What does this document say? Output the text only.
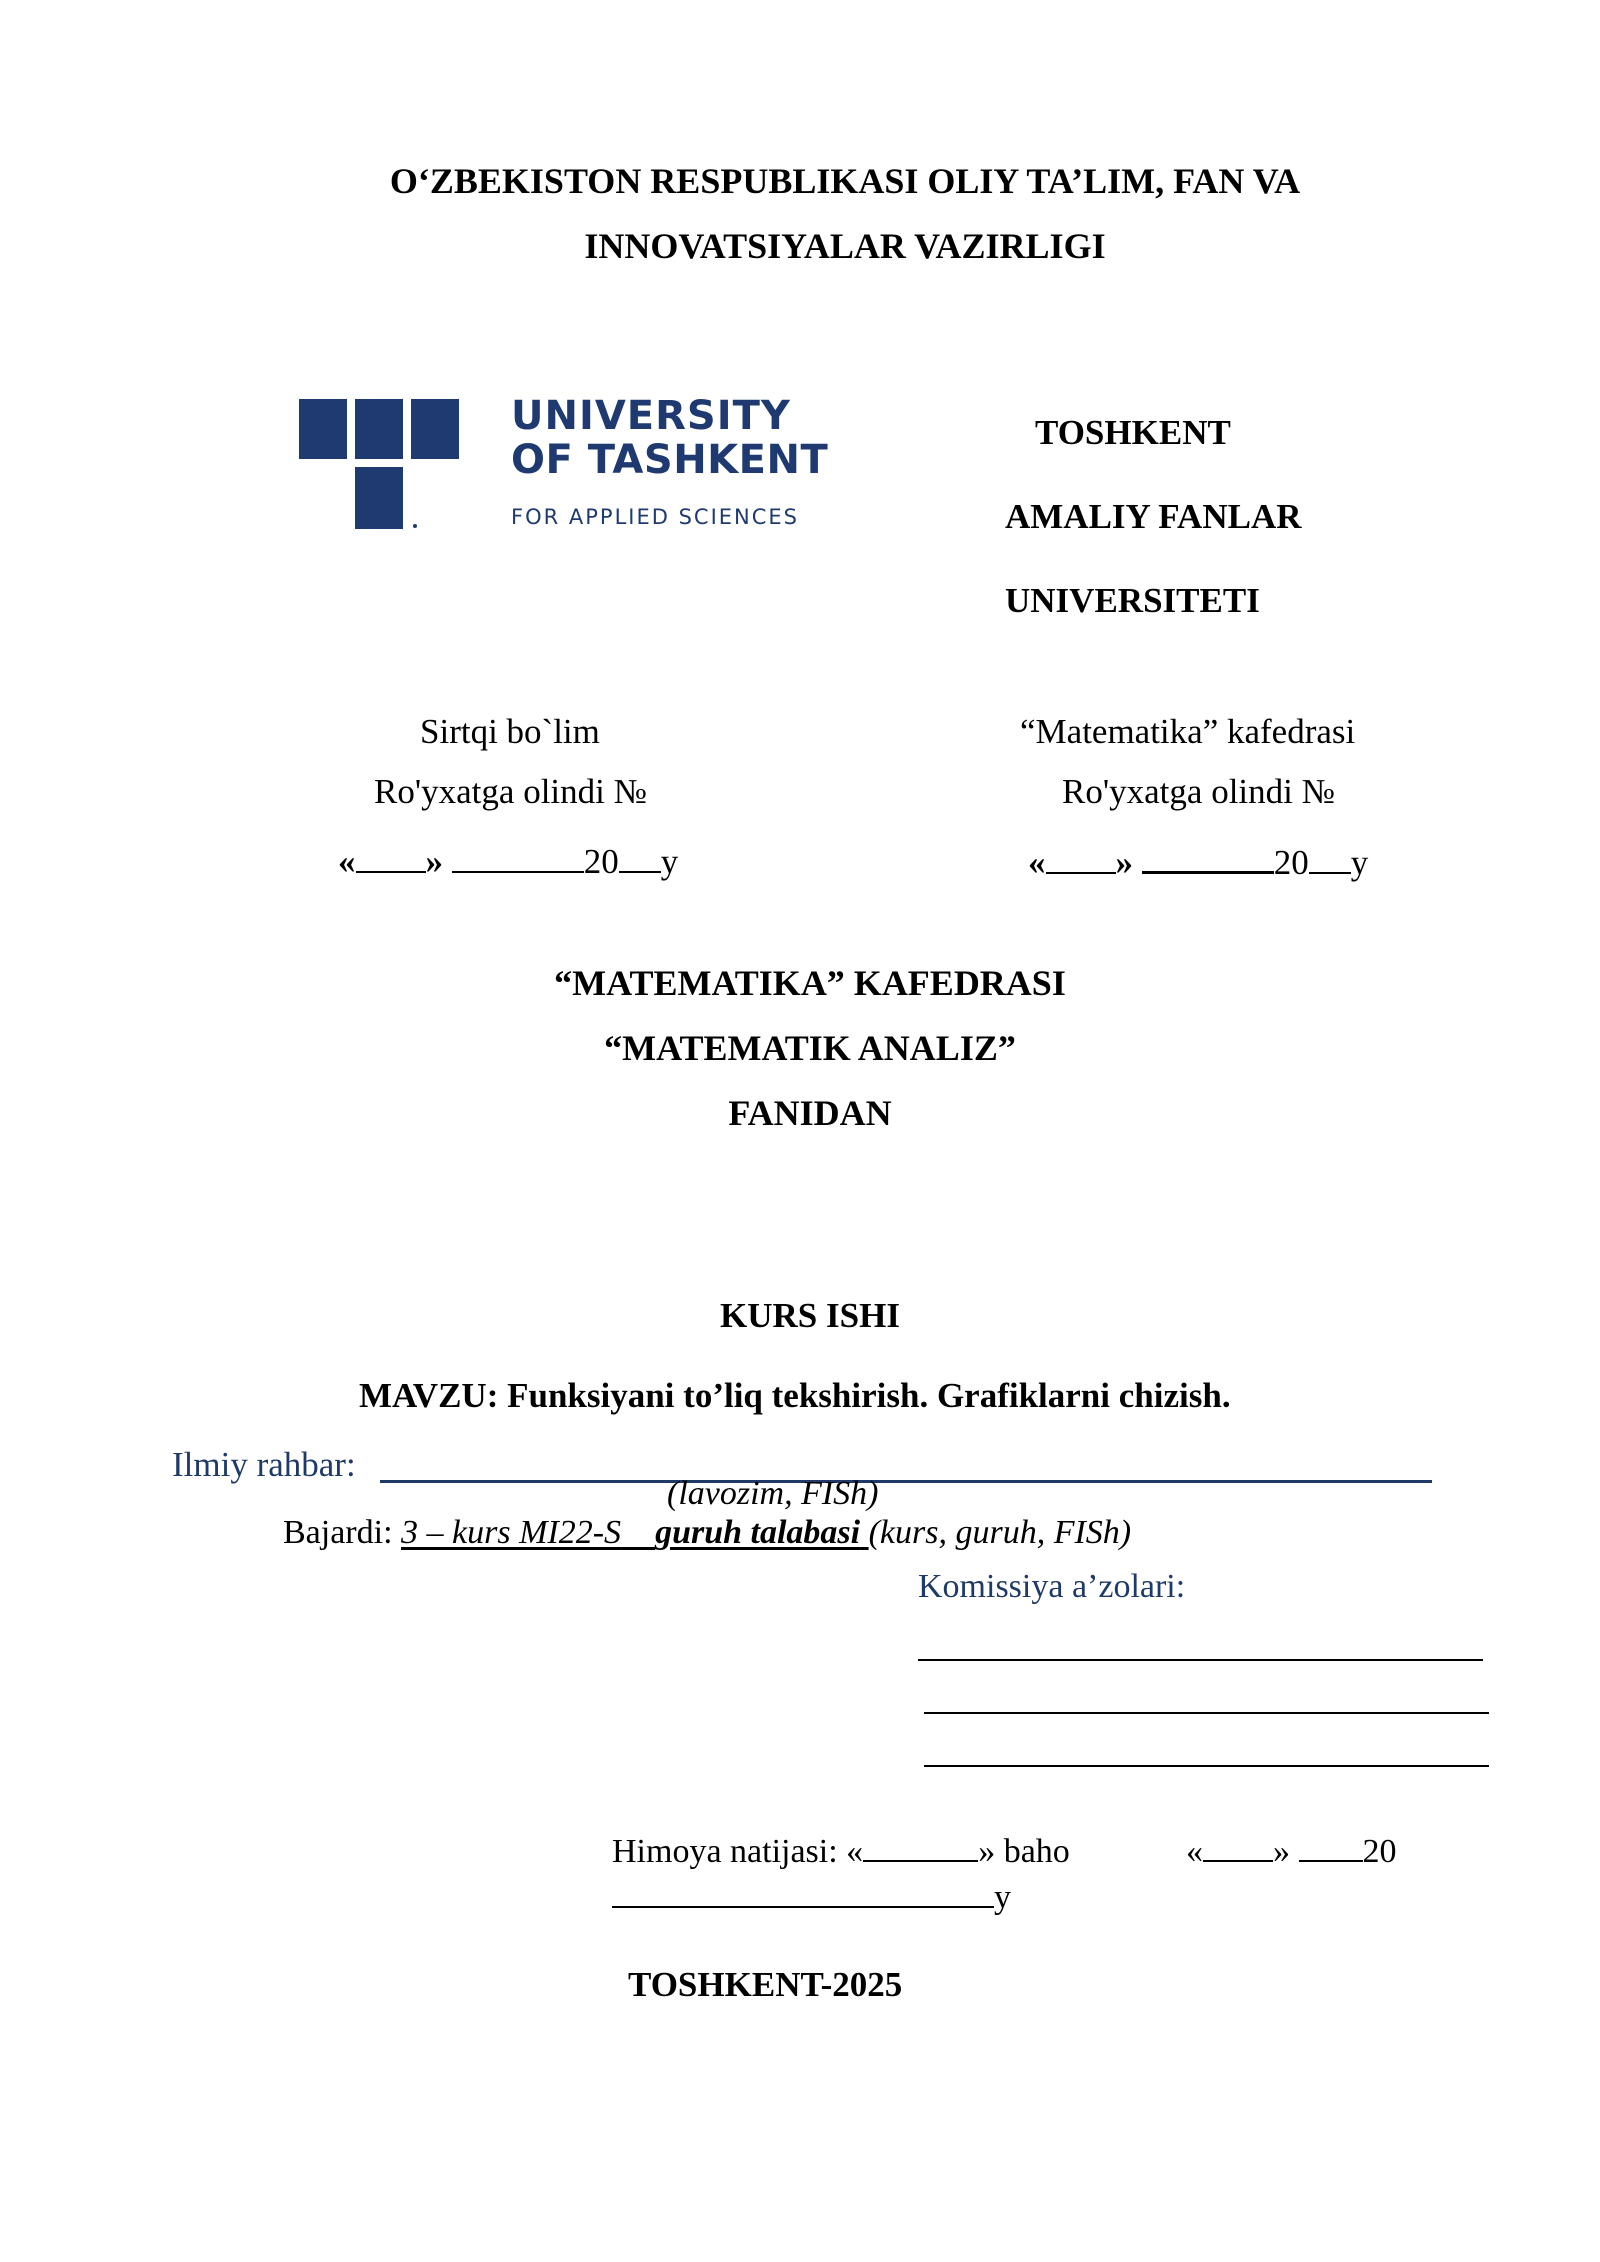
O‘ZBEKISTON RESPUBLIKASI OLIY TA’LIM, FAN VA
INNOVATSIYALAR VAZIRLIGI
UNIVERSITY
OF TASHKENT
FOR APPLIED SCIENCES
TOSHKENT
AMALIY FANLAR
UNIVERSITETI
Sirtqi bo`lim
Ro'yxatga olindi №
« »	20 y
“Matematika” kafedrasi
Ro'yxatga olindi №
« »	20 y
“MATEMATIKA” KAFEDRASI
“MATEMATIK ANALIZ”
FANIDAN
KURS ISHI
MAVZU: Funksiyani to’liq tekshirish. Grafiklarni chizish.
Ilmiy rahbar:
(lavozim, FISh)
Bajardi: 3 – kurs MI22-S guruh talabasi (kurs, guruh, FISh)
Komissiya a’zolari:
Himoya natijasi: «	» baho	« » 20
y
TOSHKENT-2025
